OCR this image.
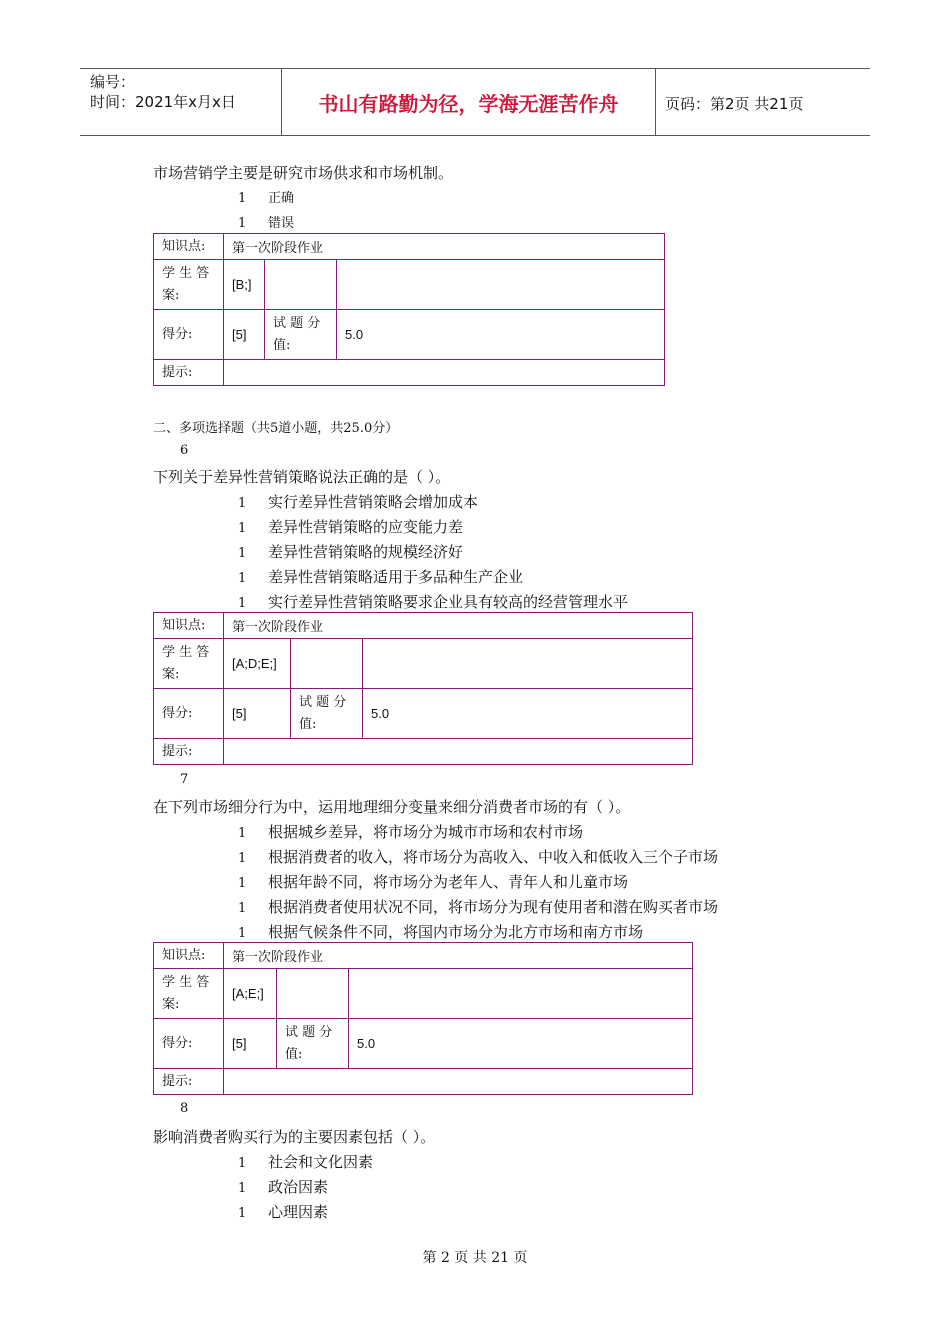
编号：
时间：2021年x月x日	书山有路勤为径，学海无涯苦作舟	页码：第2页 共21页
市场营销学主要是研究市场供求和市场机制。
1 正确
1 错误
知识点:	第一次阶段作业		
学 生 答 案:	[B;]		
得分:	[5]	试 题 分 值:	5.0
提示:			
二、多项选择题（共5道小题，共25.0分）
6
下列关于差异性营销策略说法正确的是（ ）。
1 实行差异性营销策略会增加成本
1 差异性营销策略的应变能力差
1 差异性营销策略的规模经济好
1 差异性营销策略适用于多品种生产企业
1 实行差异性营销策略要求企业具有较高的经营管理水平
知识点:	第一次阶段作业		
学 生 答 案:	[A;D;E;]		
得分:	[5]	试 题 分 值:	5.0
提示:			
7
在下列市场细分行为中，运用地理细分变量来细分消费者市场的有（ ）。
1 根据城乡差异，将市场分为城市市场和农村市场
1 根据消费者的收入，将市场分为高收入、中收入和低收入三个子市场
1 根据年龄不同，将市场分为老年人、青年人和儿童市场
1 根据消费者使用状况不同，将市场分为现有使用者和潜在购买者市场
1 根据气候条件不同，将国内市场分为北方市场和南方市场
知识点:	第一次阶段作业		
学 生 答 案:	[A;E;]		
得分:	[5]	试 题 分 值:	5.0
提示:			
8
影响消费者购买行为的主要因素包括（ ）。
1 社会和文化因素
1 政治因素
1 心理因素
第 2 页 共 21 页
